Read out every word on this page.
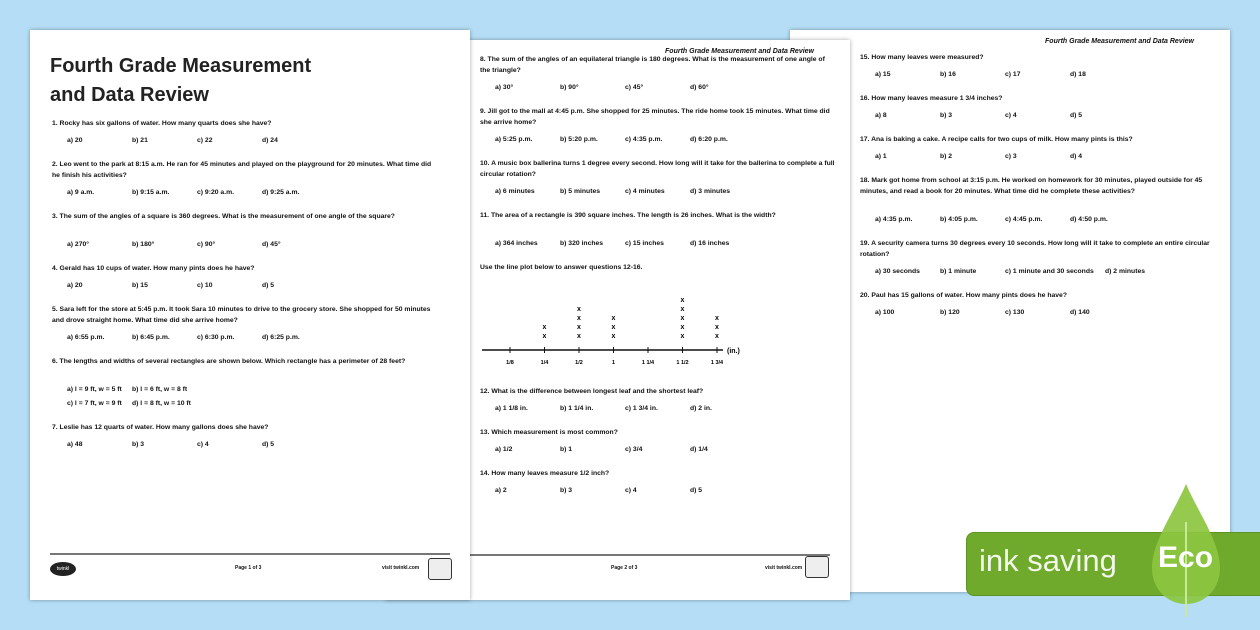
Fourth Grade Measurement and Data Review
15. How many leaves were measured?
a) 15	b) 16	c) 17	d) 18
16. How many leaves measure 1 3/4 inches?
a) 8	b) 3	c) 4	d) 5
17. Ana is baking a cake. A recipe calls for two cups of milk. How many pints is this?
a) 1	b) 2	c) 3	d) 4
18. Mark got home from school at 3:15 p.m. He worked on homework for 30 minutes, played outside for 45 minutes, and read a book for 20 minutes. What time did he complete these activities?
a) 4:35 p.m.	b) 4:05 p.m.	c) 4:45 p.m.	d) 4:50 p.m.
19. A security camera turns 30 degrees every 10 seconds. How long will it take to complete an entire circular rotation?
a) 30 seconds	b) 1 minute	c) 1 minute and 30 seconds	d) 2 minutes
20. Paul has 15 gallons of water. How many pints does he have?
a) 100	b) 120	c) 130	d) 140
Fourth Grade Measurement and Data Review
8. The sum of the angles of an equilateral triangle is 180 degrees. What is the measurement of one angle of the triangle?
a) 30°	b) 90°	c) 45°	d) 60°
9. Jill got to the mall at 4:45 p.m. She shopped for 25 minutes. The ride home took 15 minutes. What time did she arrive home?
a) 5:25 p.m.	b) 5:20 p.m.	c) 4:35 p.m.	d) 6:20 p.m.
10. A music box ballerina turns 1 degree every second. How long will it take for the ballerina to complete a full circular rotation?
a) 6 minutes	b) 5 minutes	c) 4 minutes	d) 3 minutes
11. The area of a rectangle is 390 square inches. The length is 26 inches. What is the width?
a) 364 inches	b) 320 inches	c) 15 inches	d) 16 inches
Use the line plot below to answer questions 12-16.
12. What is the difference between longest leaf and the shortest leaf?
a) 1 1/8 in.	b) 1 1/4 in.	c) 1 3/4 in.	d) 2 in.
13. Which measurement is most common?
a) 1/2	b) 1	c) 3/4	d) 1/4
14. How many leaves measure 1/2 inch?
a) 2	b) 3	c) 4	d) 5
(in.)
1/8	1/4
x
x
1/2
x
x
x
x
1
x
x
x
1 1/4	1 1/2
x
x
x
x
x
1 3/4
x
x
x
Page 2 of 3	visit twinkl.com
Fourth Grade Measurement
and Data Review
1. Rocky has six gallons of water. How many quarts does she have?
a) 20	b) 21	c) 22	d) 24
2. Leo went to the park at 8:15 a.m. He ran for 45 minutes and played on the playground for 20 minutes. What time did he finish his activities?
a) 9 a.m.	b) 9:15 a.m.	c) 9:20 a.m.	d) 9:25 a.m.
3. The sum of the angles of a square is 360 degrees. What is the measurement of one angle of the square?
a) 270°	b) 180°	c) 90°	d) 45°
4. Gerald has 10 cups of water. How many pints does he have?
a) 20	b) 15	c) 10	d) 5
5. Sara left for the store at 5:45 p.m. It took Sara 10 minutes to drive to the grocery store. She shopped for 50 minutes and drove straight home. What time did she arrive home?
a) 6:55 p.m.	b) 6:45 p.m.	c) 6:30 p.m.	d) 6:25 p.m.
6. The lengths and widths of several rectangles are shown below. Which rectangle has a perimeter of 28 feet?
a) l = 9 ft, w = 5 ft	b) l = 6 ft, w = 8 ft
c) l = 7 ft, w = 9 ft	d) l = 8 ft, w = 10 ft
7. Leslie has 12 quarts of water. How many gallons does she have?
a) 48	b) 3	c) 4	d) 5
twinkl	Page 1 of 3	visit twinkl.com	ink saving Eco
